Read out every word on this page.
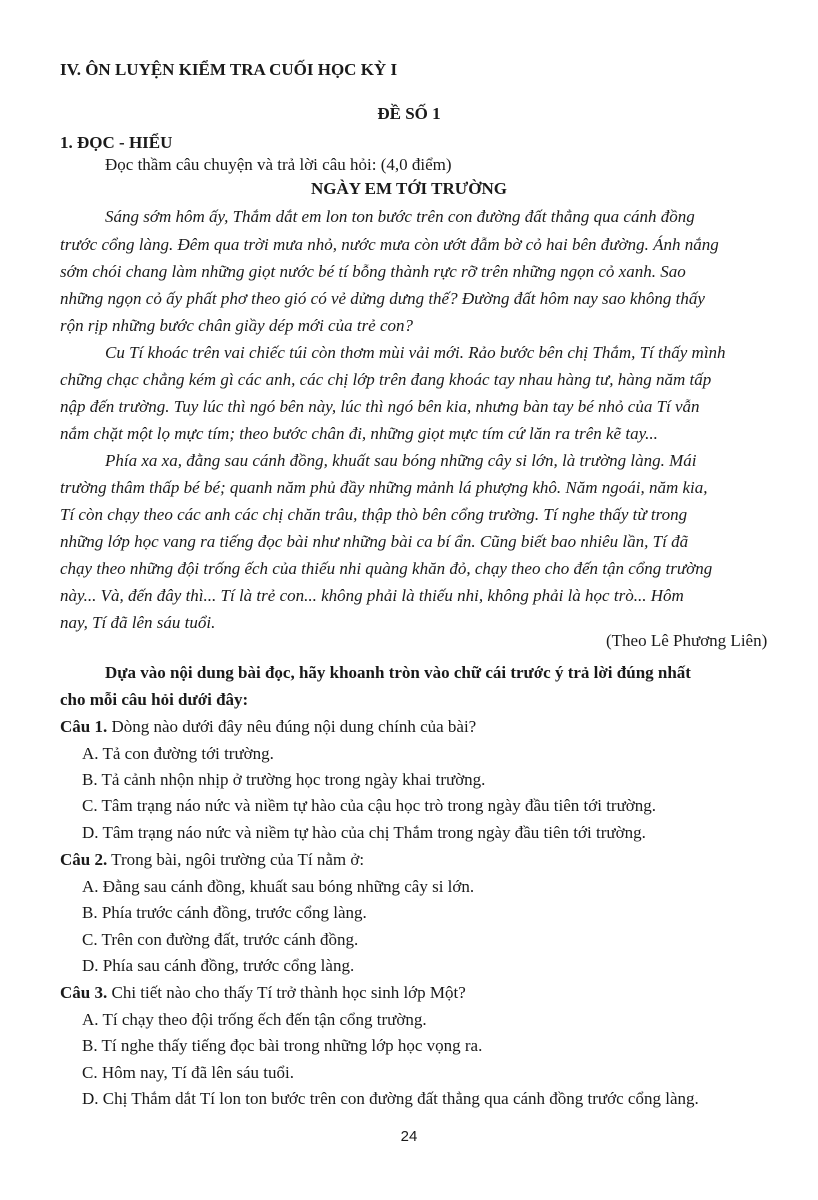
IV. ÔN LUYỆN KIỂM TRA CUỐI HỌC KỲ I
ĐỀ SỐ 1
1. ĐỌC - HIỂU
Đọc thầm câu chuyện và trả lời câu hỏi: (4,0 điểm)
NGÀY EM TỚI TRƯỜNG
Sáng sớm hôm ấy, Thắm dắt em lon ton bước trên con đường đất thẳng qua cánh đồng
trước cổng làng. Đêm qua trời mưa nhỏ, nước mưa còn ướt đẫm bờ cỏ hai bên đường. Ánh nắng
sớm chói chang làm những giọt nước bé tí bỗng thành rực rỡ trên những ngọn cỏ xanh. Sao
những ngọn cỏ ấy phất phơ theo gió có vẻ dửng dưng thế? Đường đất hôm nay sao không thấy
rộn rịp những bước chân giầy dép mới của trẻ con?
Cu Tí khoác trên vai chiếc túi còn thơm mùi vải mới. Rảo bước bên chị Thắm, Tí thấy mình
chững chạc chẳng kém gì các anh, các chị lớp trên đang khoác tay nhau hàng tư, hàng năm tấp
nập đến trường. Tuy lúc thì ngó bên này, lúc thì ngó bên kia, nhưng bàn tay bé nhỏ của Tí vẫn
nắm chặt một lọ mực tím; theo bước chân đi, những giọt mực tím cứ lăn ra trên kẽ tay...
Phía xa xa, đằng sau cánh đồng, khuất sau bóng những cây si lớn, là trường làng. Mái
trường thâm thấp bé bé; quanh năm phủ đầy những mảnh lá phượng khô. Năm ngoái, năm kia,
Tí còn chạy theo các anh các chị chăn trâu, thập thò bên cổng trường. Tí nghe thấy từ trong
những lớp học vang ra tiếng đọc bài như những bài ca bí ẩn. Cũng biết bao nhiêu lần, Tí đã
chạy theo những đội trống ếch của thiếu nhi quàng khăn đỏ, chạy theo cho đến tận cổng trường
này... Và, đến đây thì... Tí là trẻ con... không phải là thiếu nhi, không phải là học trò... Hôm
nay, Tí đã lên sáu tuổi.
(Theo Lê Phương Liên)
Dựa vào nội dung bài đọc, hãy khoanh tròn vào chữ cái trước ý trả lời đúng nhất
cho mỗi câu hỏi dưới đây:
Câu 1. Dòng nào dưới đây nêu đúng nội dung chính của bài?
A. Tả con đường tới trường.
B. Tả cảnh nhộn nhịp ở trường học trong ngày khai trường.
C. Tâm trạng náo nức và niềm tự hào của cậu học trò trong ngày đầu tiên tới trường.
D. Tâm trạng náo nức và niềm tự hào của chị Thắm trong ngày đầu tiên tới trường.
Câu 2. Trong bài, ngôi trường của Tí nằm ở:
A. Đằng sau cánh đồng, khuất sau bóng những cây si lớn.
B. Phía trước cánh đồng, trước cổng làng.
C. Trên con đường đất, trước cánh đồng.
D. Phía sau cánh đồng, trước cổng làng.
Câu 3. Chi tiết nào cho thấy Tí trở thành học sinh lớp Một?
A. Tí chạy theo đội trống ếch đến tận cổng trường.
B. Tí nghe thấy tiếng đọc bài trong những lớp học vọng ra.
C. Hôm nay, Tí đã lên sáu tuổi.
D. Chị Thắm dắt Tí lon ton bước trên con đường đất thẳng qua cánh đồng trước cổng làng.
24
